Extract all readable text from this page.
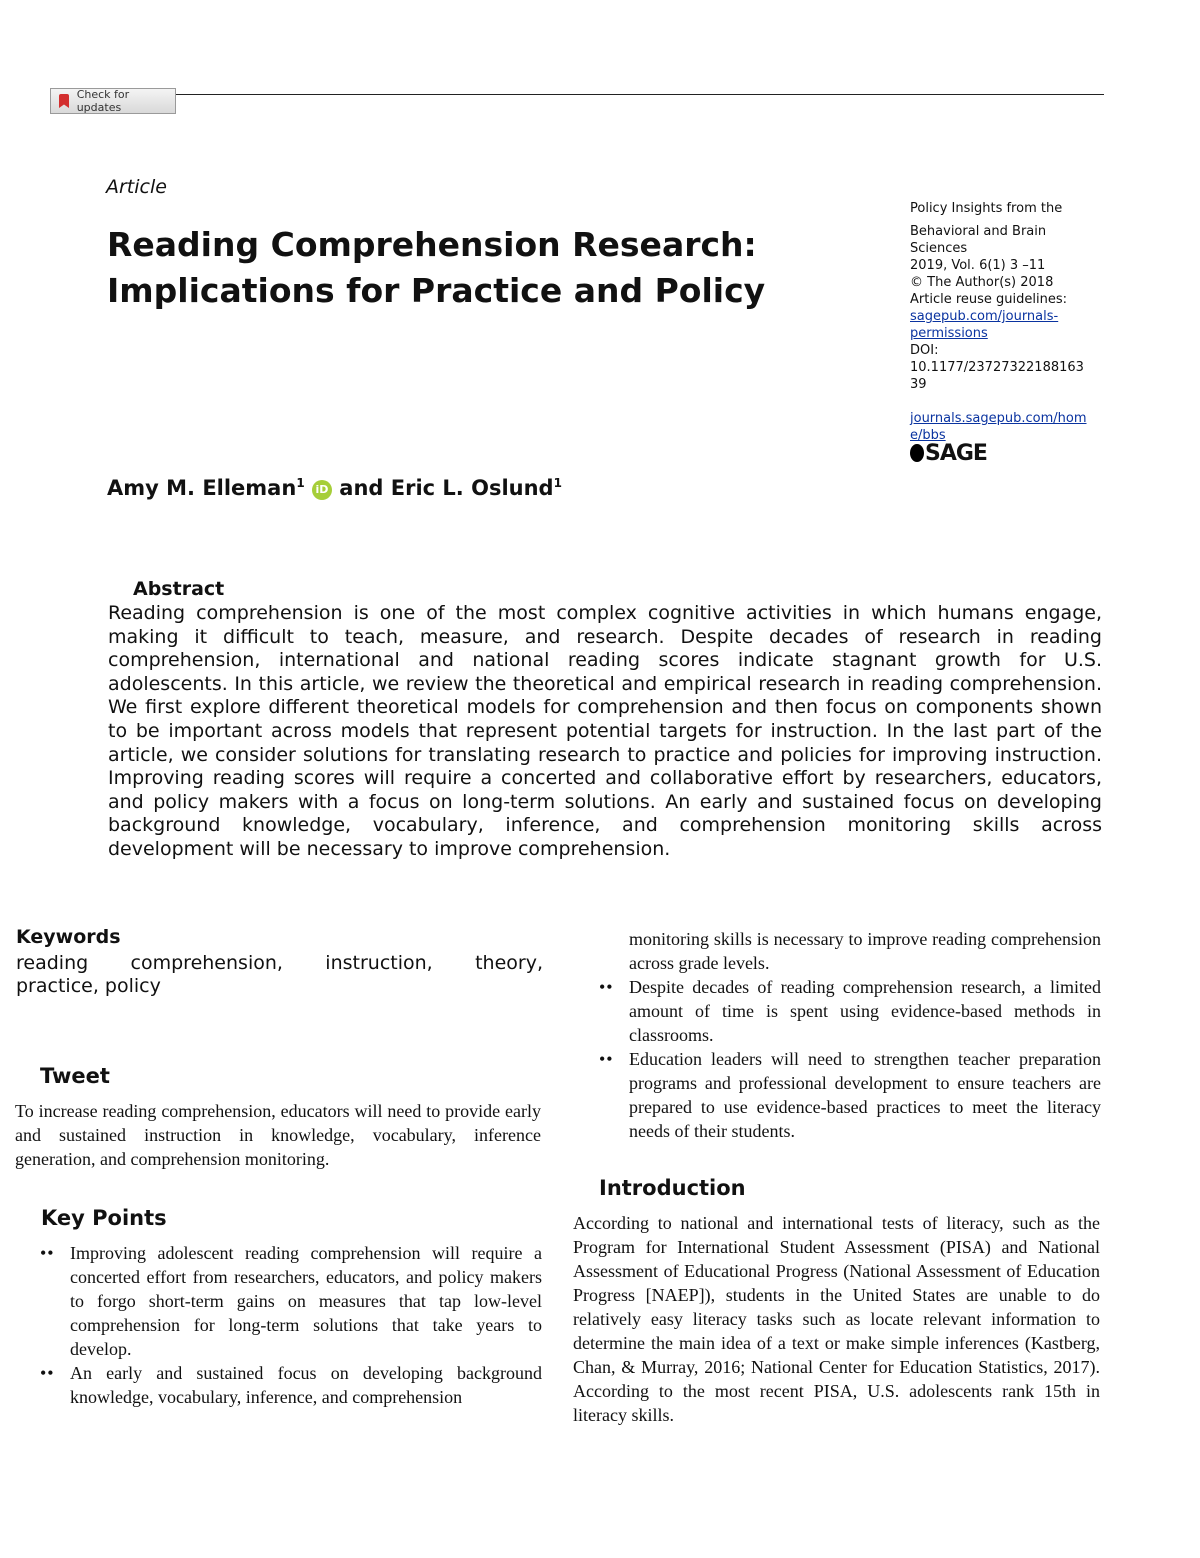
Check for updates
Article
Reading Comprehension Research:
Implications for Practice and Policy
Policy Insights from the
Behavioral and Brain
Sciences
2019, Vol. 6(1) 3 –11
© The Author(s) 2018
Article reuse guidelines:
sagepub.com/journals-
permissions
DOI:
10.1177/23727322188163
39
journals.sagepub.com/hom
e/bbs
SAGE
Amy M. Elleman$^1$ iD and Eric L. Oslund$^1$
Abstract
Reading comprehension is one of the most complex cognitive activities in which humans engage, making it difficult to teach, measure, and research. Despite decades of research in reading comprehension, international and national reading scores indicate stagnant growth for U.S. adolescents. In this article, we review the theoretical and empirical research in reading comprehension. We first explore different theoretical models for comprehension and then focus on components shown to be important across models that represent potential targets for instruction. In the last part of the article, we consider solutions for translating research to practice and policies for improving instruction. Improving reading scores will require a concerted and collaborative effort by researchers, educators, and policy makers with a focus on long-term solutions. An early and sustained focus on developing background knowledge, vocabulary, inference, and comprehension monitoring skills across development will be necessary to improve comprehension.
Keywords
reading comprehension, instruction, theory,
practice, policy
Tweet
To increase reading comprehension, educators will need to provide early and sustained instruction in knowledge, vocabulary, inference generation, and comprehension monitoring.
Key Points
•• Improving adolescent reading comprehension will require a concerted effort from researchers, educators, and policy makers to forgo short-term gains on measures that tap low-level comprehension for long-term solutions that take years to develop.
•• An early and sustained focus on developing background knowledge, vocabulary, inference, and comprehension
monitoring skills is necessary to improve reading comprehension across grade levels.
•• Despite decades of reading comprehension research, a limited amount of time is spent using evidence-based methods in classrooms.
•• Education leaders will need to strengthen teacher preparation programs and professional development to ensure teachers are prepared to use evidence-based practices to meet the literacy needs of their students.
Introduction
According to national and international tests of literacy, such as the Program for International Student Assessment (PISA) and National Assessment of Educational Progress (National Assessment of Education Progress [NAEP]), students in the United States are unable to do relatively easy literacy tasks such as locate relevant information to determine the main idea of a text or make simple inferences (Kastberg, Chan, & Murray, 2016; National Center for Education Statistics, 2017). According to the most recent PISA, U.S. adolescents rank 15th in literacy skills.
